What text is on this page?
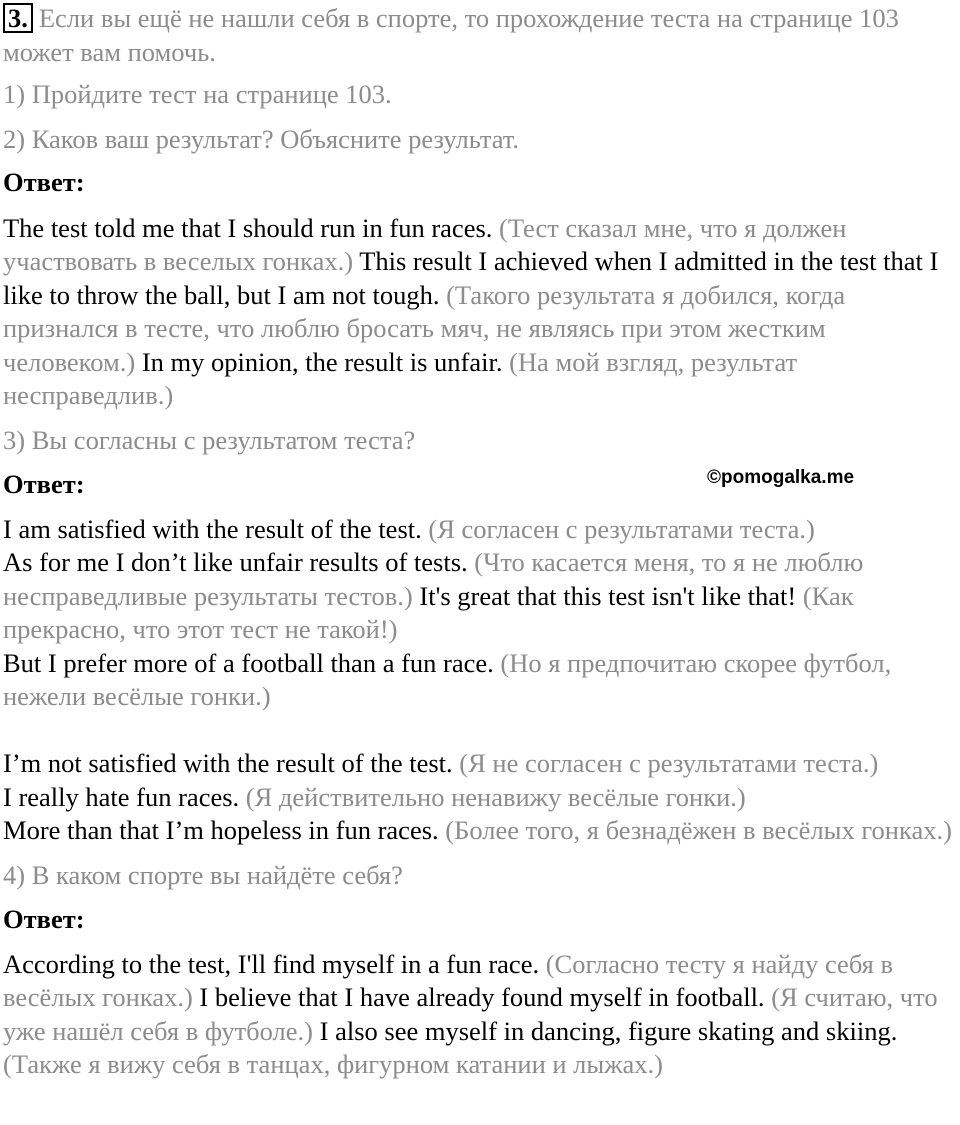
3. Если вы ещё не нашли себя в спорте, то прохождение теста на странице 103 может вам помочь.

1) Пройдите тест на странице 103.

2) Каков ваш результат? Объясните результат.

Ответ:

The test told me that I should run in fun races. (Тест сказал мне, что я должен участвовать в веселых гонках.) This result I achieved when I admitted in the test that I like to throw the ball, but I am not tough. (Такого результата я добился, когда признался в тесте, что люблю бросать мяч, не являясь при этом жестким человеком.) In my opinion, the result is unfair. (На мой взгляд, результат несправедлив.)

3) Вы согласны с результатом теста?

Ответ:

I am satisfied with the result of the test. (Я согласен с результатами теста.)

As for me I don’t like unfair results of tests. (Что касается меня, то я не люблю несправедливые результаты тестов.) It's great that this test isn't like that! (Как прекрасно, что этот тест не такой!)

But I prefer more of a football than a fun race. (Но я предпочитаю скорее футбол, нежели весёлые гонки.)

I’m not satisfied with the result of the test. (Я не согласен с результатами теста.)

I really hate fun races. (Я действительно ненавижу весёлые гонки.)

More than that I’m hopeless in fun races. (Более того, я безнадёжен в весёлых гонках.)

4) В каком спорте вы найдёте себя?

Ответ:

According to the test, I'll find myself in a fun race. (Согласно тесту я найду себя в весёлых гонках.) I believe that I have already found myself in football. (Я считаю, что уже нашёл себя в футболе.) I also see myself in dancing, figure skating and skiing. (Также я вижу себя в танцах, фигурном катании и лыжах.)

©pomogalka.me
